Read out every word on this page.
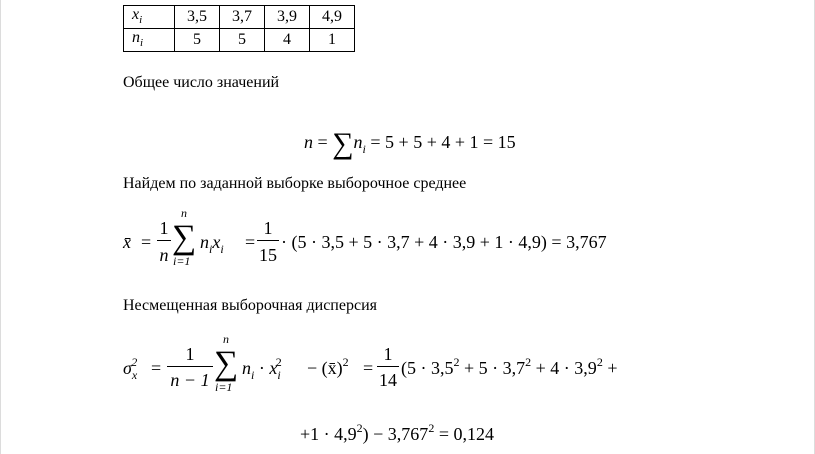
$x_i$	3,5	3,7	3,9	4,9
$n_i$	5	5	4	1
Общее число значений
$n = \sum n_i = 5 + 5 + 4 + 1 = 15$
Найдем по заданной выборке выборочное среднее
x̄ =
1
n
n
∑
i=1
$n_ix_i$ =
1
15
· (5 · 3,5 + 5 · 3,7 + 4 · 3,9 + 1 · 4,9) = 3,767
Несмещенная выборочная дисперсия
$\sigma_x^2$ =
1
n − 1
n
∑
i=1
$n_i \cdot x_i^2$ − (x̄)$^2$ =
1
14
($5 \cdot 3,5^2 + 5 \cdot 3,7^2 + 4 \cdot 3,9^2$ +
$+1 \cdot 4,9^2) - 3,767^2 = 0,124$
